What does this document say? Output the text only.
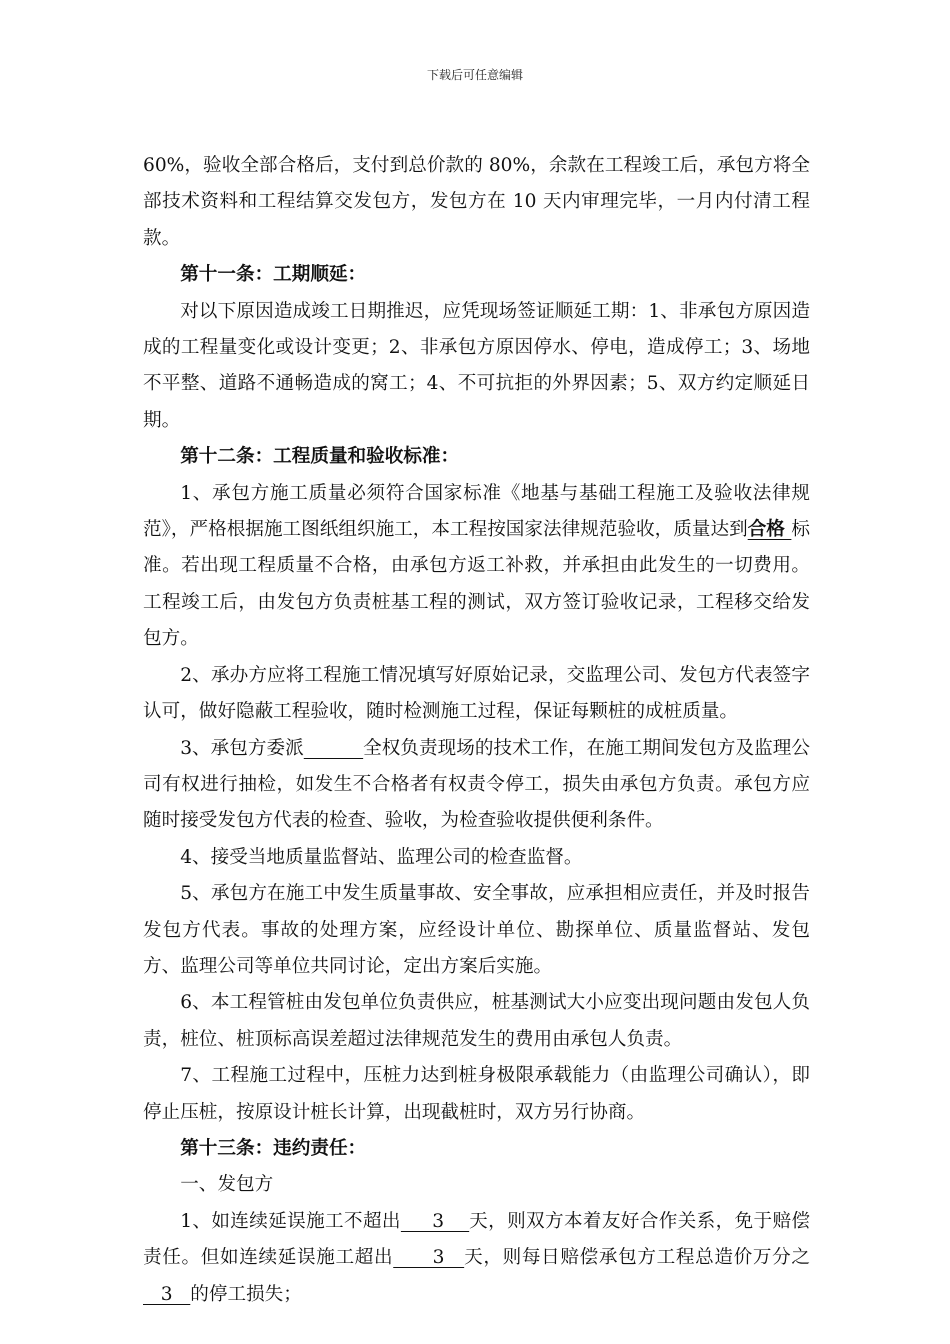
下载后可任意编辑

60%，验收全部合格后，支付到总价款的 80%，余款在工程竣工后，承包方将全部技术资料和工程结算交发包方，发包方在 10 天内审理完毕，一月内付清工程款。

第十一条：工期顺延：

对以下原因造成竣工日期推迟，应凭现场签证顺延工期：1、非承包方原因造成的工程量变化或设计变更；2、非承包方原因停水、停电，造成停工；3、场地不平整、道路不通畅造成的窝工；4、不可抗拒的外界因素；5、双方约定顺延日期。

第十二条：工程质量和验收标准：

1、承包方施工质量必须符合国家标准《地基与基础工程施工及验收法律规范》，严格根据施工图纸组织施工，本工程按国家法律规范验收，质量达到合格 标准。若出现工程质量不合格，由承包方返工补救，并承担由此发生的一切费用。工程竣工后，由发包方负责桩基工程的测试，双方签订验收记录，工程移交给发包方。

2、承办方应将工程施工情况填写好原始记录，交监理公司、发包方代表签字认可，做好隐蔽工程验收，随时检测施工过程，保证每颗桩的成桩质量。

3、承包方委派	全权负责现场的技术工作，在施工期间发包方及监理公司有权进行抽检，如发生不合格者有权责令停工，损失由承包方负责。承包方应随时接受发包方代表的检查、验收，为检查验收提供便利条件。

4、接受当地质量监督站、监理公司的检查监督。

5、承包方在施工中发生质量事故、安全事故，应承担相应责任，并及时报告发包方代表。事故的处理方案，应经设计单位、勘探单位、质量监督站、发包方、监理公司等单位共同讨论，定出方案后实施。

6、本工程管桩由发包单位负责供应，桩基测试大小应变出现问题由发包人负责，桩位、桩顶标高误差超过法律规范发生的费用由承包人负责。

7、工程施工过程中，压桩力达到桩身极限承载能力（由监理公司确认），即停止压桩，按原设计桩长计算，出现截桩时，双方另行协商。

第十三条：违约责任：

一、发包方

1、如连续延误施工不超出     3    天，则双方本着友好合作关系，免于赔偿责任。但如连续延误施工超出      3   天，则每日赔偿承包方工程总造价万分之   3   的停工损失；
